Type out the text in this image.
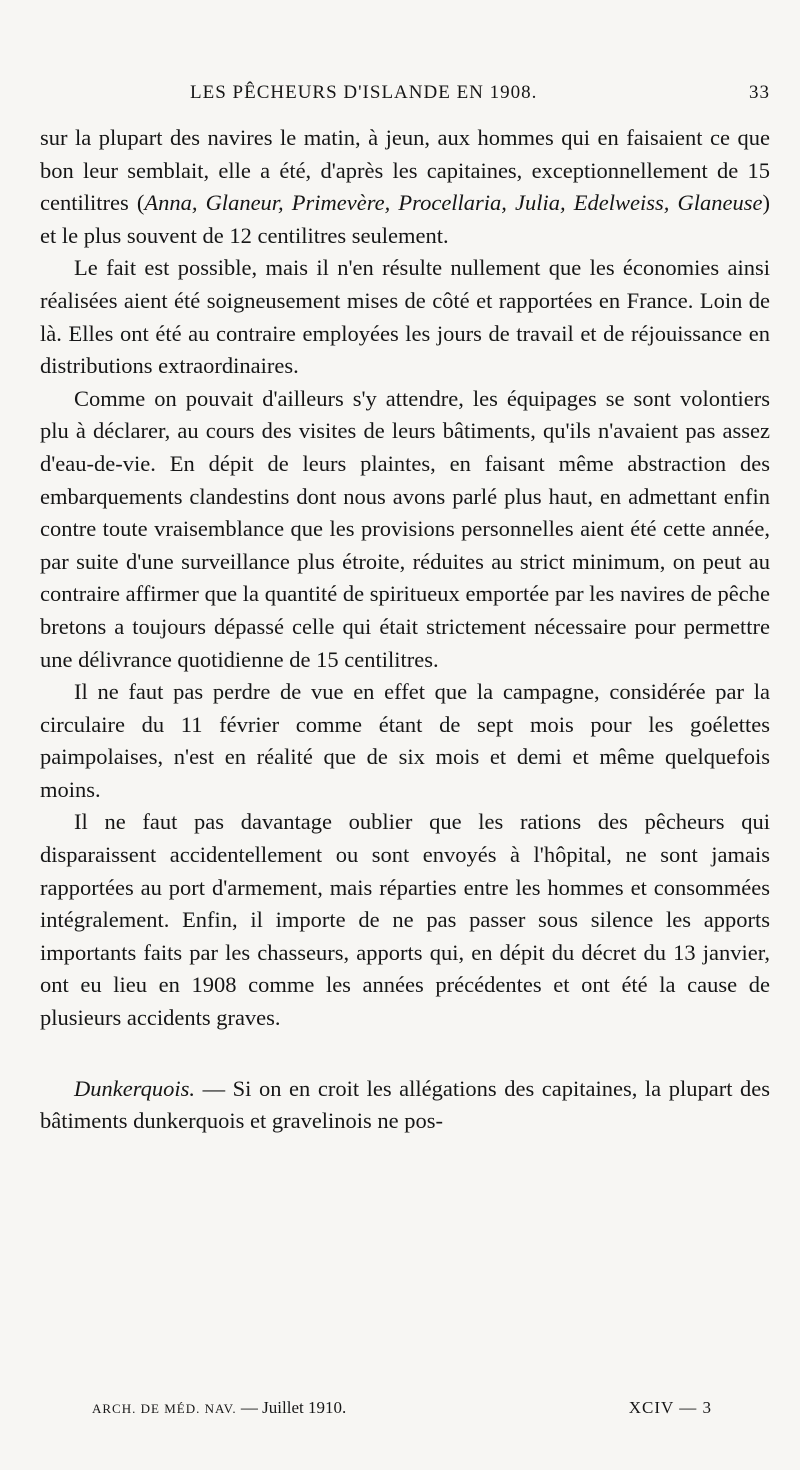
LES PÊCHEURS D'ISLANDE EN 1908.	33

sur la plupart des navires le matin, à jeun, aux hommes qui en faisaient ce que bon leur semblait, elle a été, d'après les capitaines, exceptionnellement de 15 centilitres (Anna, Glaneur, Primevère, Procellaria, Julia, Edelweiss, Glaneuse) et le plus souvent de 12 centilitres seulement.

Le fait est possible, mais il n'en résulte nullement que les économies ainsi réalisées aient été soigneusement mises de côté et rapportées en France. Loin de là. Elles ont été au contraire employées les jours de travail et de réjouissance en distributions extraordinaires.

Comme on pouvait d'ailleurs s'y attendre, les équipages se sont volontiers plu à déclarer, au cours des visites de leurs bâtiments, qu'ils n'avaient pas assez d'eau-de-vie. En dépit de leurs plaintes, en faisant même abstraction des embarquements clandestins dont nous avons parlé plus haut, en admettant enfin contre toute vraisemblance que les provisions personnelles aient été cette année, par suite d'une surveillance plus étroite, réduites au strict minimum, on peut au contraire affirmer que la quantité de spiritueux emportée par les navires de pêche bretons a toujours dépassé celle qui était strictement nécessaire pour permettre une délivrance quotidienne de 15 centilitres.

Il ne faut pas perdre de vue en effet que la campagne, considérée par la circulaire du 11 février comme étant de sept mois pour les goélettes paimpolaises, n'est en réalité que de six mois et demi et même quelquefois moins.

Il ne faut pas davantage oublier que les rations des pêcheurs qui disparaissent accidentellement ou sont envoyés à l'hôpital, ne sont jamais rapportées au port d'armement, mais réparties entre les hommes et consommées intégralement. Enfin, il importe de ne pas passer sous silence les apports importants faits par les chasseurs, apports qui, en dépit du décret du 13 janvier, ont eu lieu en 1908 comme les années précédentes et ont été la cause de plusieurs accidents graves.

Dunkerquois. — Si on en croit les allégations des capitaines, la plupart des bâtiments dunkerquois et gravelinois ne pos-

ARCH. DE MÉD. NAV. — Juillet 1910.	XCIV — 3
